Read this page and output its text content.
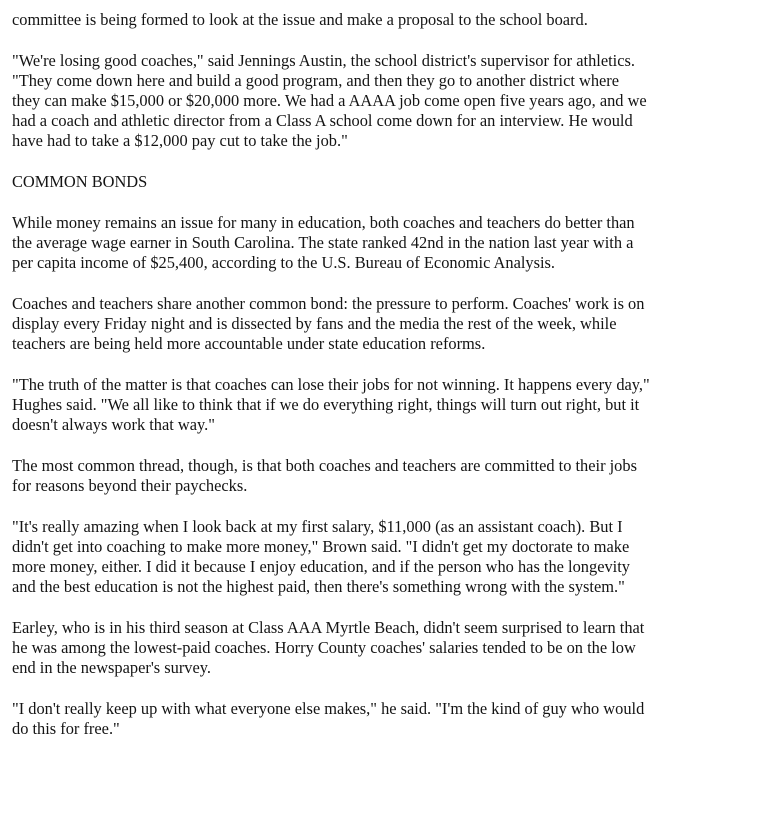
committee is being formed to look at the issue and make a proposal to the school board.

"We're losing good coaches," said Jennings Austin, the school district's supervisor for athletics.
"They come down here and build a good program, and then they go to another district where
they can make $15,000 or $20,000 more. We had a AAAA job come open five years ago, and we
had a coach and athletic director from a Class A school come down for an interview. He would
have had to take a $12,000 pay cut to take the job."

COMMON BONDS

While money remains an issue for many in education, both coaches and teachers do better than
the average wage earner in South Carolina. The state ranked 42nd in the nation last year with a
per capita income of $25,400, according to the U.S. Bureau of Economic Analysis.

Coaches and teachers share another common bond: the pressure to perform. Coaches' work is on
display every Friday night and is dissected by fans and the media the rest of the week, while
teachers are being held more accountable under state education reforms.

"The truth of the matter is that coaches can lose their jobs for not winning. It happens every day,"
Hughes said. "We all like to think that if we do everything right, things will turn out right, but it
doesn't always work that way."

The most common thread, though, is that both coaches and teachers are committed to their jobs
for reasons beyond their paychecks.

"It's really amazing when I look back at my first salary, $11,000 (as an assistant coach). But I
didn't get into coaching to make more money," Brown said. "I didn't get my doctorate to make
more money, either. I did it because I enjoy education, and if the person who has the longevity
and the best education is not the highest paid, then there's something wrong with the system."

Earley, who is in his third season at Class AAA Myrtle Beach, didn't seem surprised to learn that
he was among the lowest-paid coaches. Horry County coaches' salaries tended to be on the low
end in the newspaper's survey.

"I don't really keep up with what everyone else makes," he said. "I'm the kind of guy who would
do this for free."
